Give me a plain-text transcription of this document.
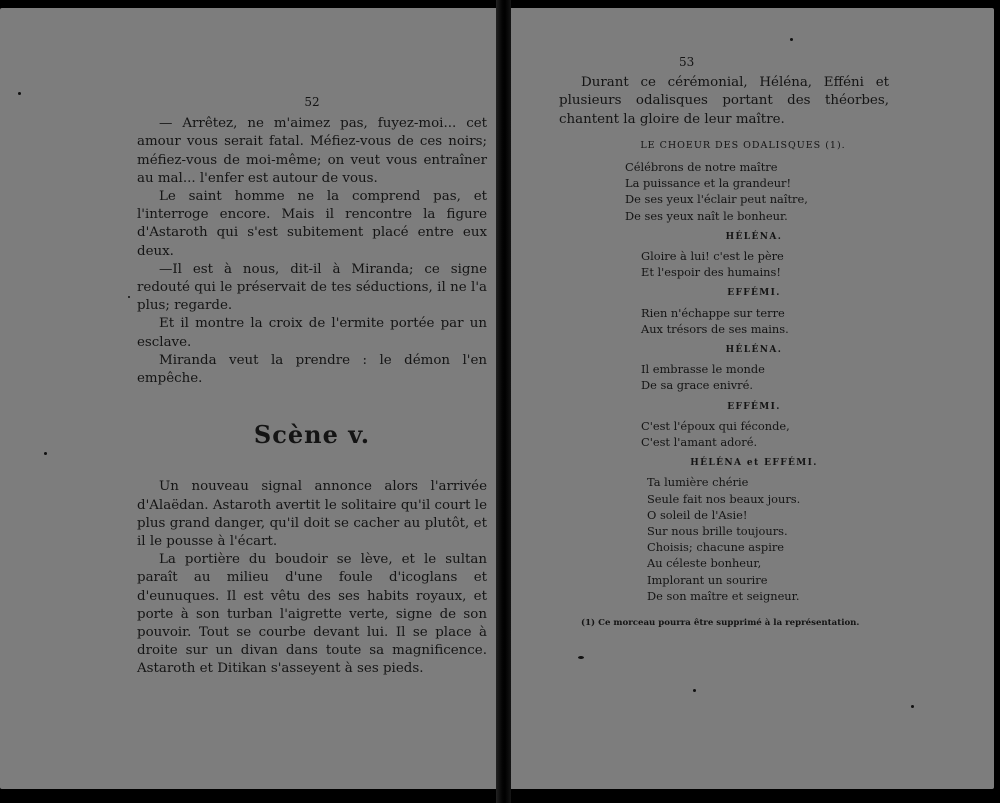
52

— Arrêtez, ne m'aimez pas, fuyez-moi... cet amour vous serait fatal. Méfiez-vous de ces noirs; méfiez-vous de moi-même; on veut vous entraîner au mal... l'enfer est autour de vous.

Le saint homme ne la comprend pas, et l'interroge encore. Mais il rencontre la figure d'Astaroth qui s'est subitement placé entre eux deux.

—Il est à nous, dit-il à Miranda; ce signe redouté qui le préservait de tes séductions, il ne l'a plus; regarde.

Et il montre la croix de l'ermite portée par un esclave.

Miranda veut la prendre : le démon l'en empêche.

Scène v.

Un nouveau signal annonce alors l'arrivée d'Alaëdan. Astaroth avertit le solitaire qu'il court le plus grand danger, qu'il doit se cacher au plutôt, et il le pousse à l'écart.

La portière du boudoir se lève, et le sultan paraît au milieu d'une foule d'icoglans et d'eunuques. Il est vêtu des ses habits royaux, et porte à son turban l'aigrette verte, signe de son pouvoir. Tout se courbe devant lui. Il se place à droite sur un divan dans toute sa magnificence. Astaroth et Ditikan s'asseyent à ses pieds.

53

Durant ce cérémonial, Héléna, Efféni et plusieurs odalisques portant des théorbes, chantent la gloire de leur maître.

LE CHOEUR DES ODALISQUES (1).
Célébrons de notre maître
La puissance et la grandeur!
De ses yeux l'éclair peut naître,
De ses yeux naît le bonheur.
HÉLÉNA.
Gloire à lui! c'est le père
Et l'espoir des humains!
EFFÉMI.
Rien n'échappe sur terre
Aux trésors de ses mains.
HÉLÉNA.
Il embrasse le monde
De sa grace enivré.
EFFÉMI.
C'est l'époux qui féconde,
C'est l'amant adoré.
HÉLÉNA et EFFÉMI.
Ta lumière chérie
Seule fait nos beaux jours.
O soleil de l'Asie!
Sur nous brille toujours.
Choisis; chacune aspire
Au céleste bonheur,
Implorant un sourire
De son maître et seigneur.
(1) Ce morceau pourra être supprimé à la représentation.
